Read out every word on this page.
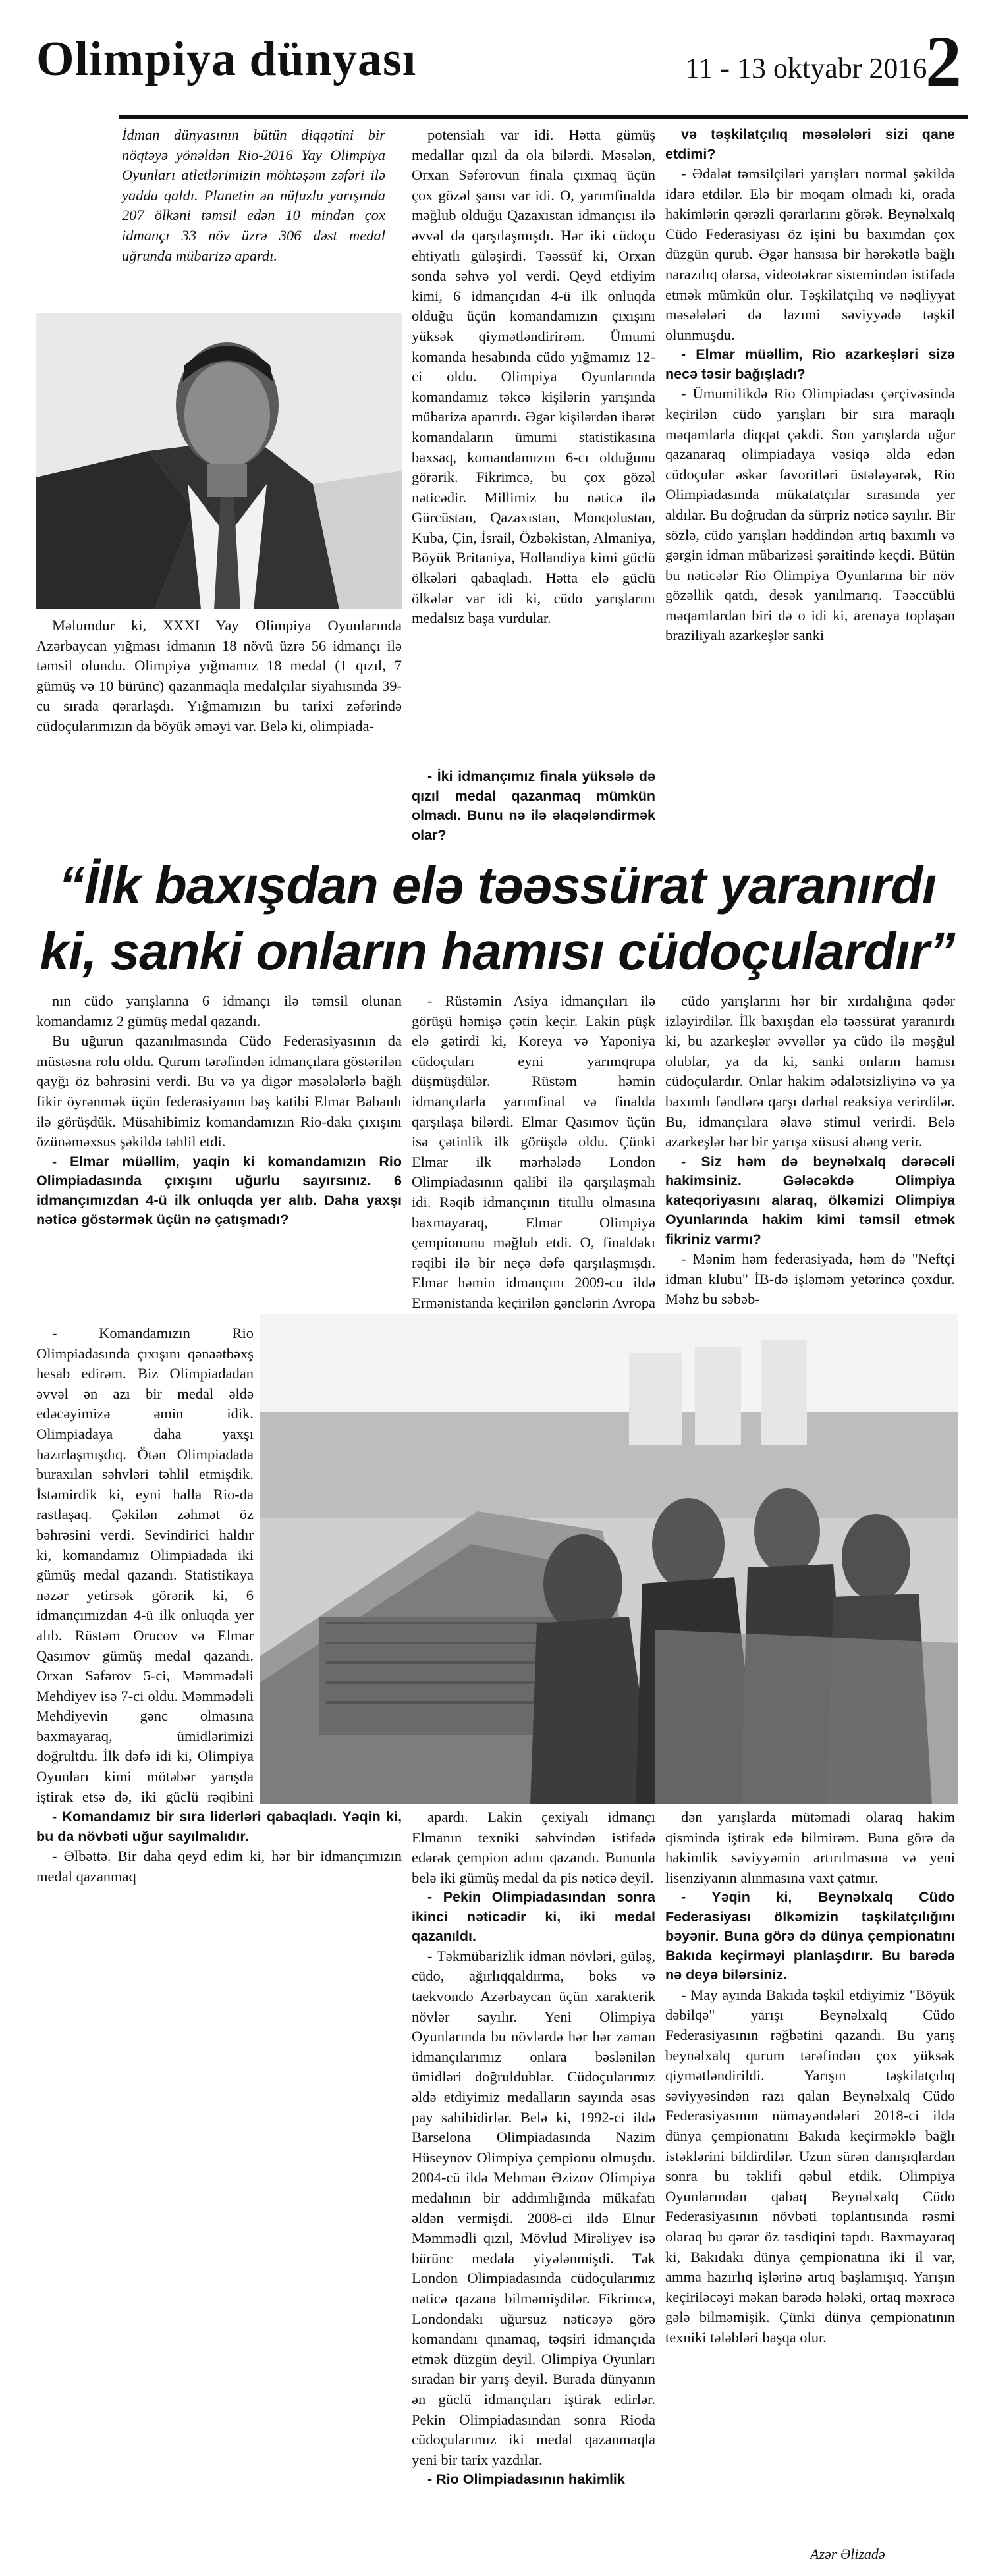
Olimpiya dünyası	11 - 13 oktyabr 2016
2
İdman dünyasının bütün diqqətini bir nöqtəyə yönəldən Rio-2016 Yay Olimpiya Oyunları atletlərimizin möhtəşəm zəfəri ilə yadda qaldı. Planetin ən nüfuzlu yarışında 207 ölkəni təmsil edən 10 mindən çox idmançı 33 növ üzrə 306 dəst medal uğrunda mübarizə apardı.

Məlumdur ki, XXXI Yay Olimpiya Oyunlarında Azərbaycan yığması idmanın 18 növü üzrə 56 idmançı ilə təmsil olundu. Olimpiya yığmamız 18 medal (1 qızıl, 7 gümüş və 10 bürünc) qazanmaqla medalçılar siyahısında 39-cu sırada qərarlaşdı. Yığmamızın bu tarixi zəfərində cüdoçularımızın da böyük əməyi var. Belə ki, olimpiada-

potensialı var idi. Hətta gümüş medallar qızıl da ola bilərdi. Məsələn, Orxan Səfərovun finala çıxmaq üçün çox gözəl şansı var idi. O, yarımfinalda məğlub olduğu Qazaxıstan idmançısı ilə əvvəl də qarşılaşmışdı. Hər iki cüdoçu ehtiyatlı güləşirdi. Təəssüf ki, Orxan sonda səhvə yol verdi. Qeyd etdiyim kimi, 6 idmançıdan 4-ü ilk onluqda olduğu üçün komandamızın çıxışını yüksək qiymətləndirirəm. Ümumi komanda hesabında cüdo yığmamız 12-ci oldu. Olimpiya Oyunlarında komandamız təkcə kişilərin yarışında mübarizə aparırdı. Əgər kişilərdən ibarət komandaların ümumi statistikasına baxsaq, komandamızın 6-cı olduğunu görərik. Fikrimcə, bu çox gözəl nəticədir. Millimiz bu nəticə ilə Gürcüstan, Qazaxıstan, Monqolustan, Kuba, Çin, İsrail, Özbəkistan, Almaniya, Böyük Britaniya, Hollandiya kimi güclü ölkələri qabaqladı. Hətta elə güclü ölkələr var idi ki, cüdo yarışlarını medalsız başa vurdular.

- İki idmançımız finala yüksələ də qızıl medal qazanmaq mümkün olmadı. Bunu nə ilə əlaqələndirmək olar?

və təşkilatçılıq məsələləri sizi qane etdimi?

- Ədalət təmsilçiləri yarışları normal şəkildə idarə etdilər. Elə bir moqam olmadı ki, orada hakimlərin qərəzli qərarlarını görək. Beynəlxalq Cüdo Federasiyası öz işini bu baxımdan çox düzgün qurub. Əgər hansısa bir hərəkətlə bağlı narazılıq olarsa, videotəkrar sistemindən istifadə etmək mümkün olur. Təşkilatçılıq və nəqliyyat məsələləri də lazımi səviyyədə təşkil olunmuşdu.

- Elmar müəllim, Rio azarkeşləri sizə necə təsir bağışladı?

- Ümumilikdə Rio Olimpiadası çərçivəsində keçirilən cüdo yarışları bir sıra maraqlı məqamlarla diqqət çəkdi. Son yarışlarda uğur qazanaraq olimpiadaya vəsiqə əldə edən cüdoçular əskər favoritləri üstələyərək, Rio Olimpiadasında mükafatçılar sırasında yer aldılar. Bu doğrudan da sürpriz nəticə sayılır. Bir sözlə, cüdo yarışları həddindən artıq baxımlı və gərgin idman mübarizəsi şəraitində keçdi. Bütün bu nəticələr Rio Olimpiya Oyunlarına bir növ gözəllik qatdı, desək yanılmarıq. Təəccüblü məqamlardan biri də o idi ki, arenaya toplaşan braziliyalı azarkeşlər sanki

“İlk baxışdan elə təəssürat yaranırdı
ki, sanki onların hamısı cüdoçulardır”

nın cüdo yarışlarına 6 idmançı ilə təmsil olunan komandamız 2 gümüş medal qazandı.

Bu uğurun qazanılmasında Cüdo Federasiyasının da müstəsna rolu oldu. Qurum tərəfindən idmançılara göstərilən qayğı öz bəhrəsini verdi. Bu və ya digər məsələlərlə bağlı fikir öyrənmək üçün federasiyanın baş katibi Elmar Babanlı ilə görüşdük. Müsahibimiz komandamızın Rio-dakı çıxışını özünəməxsus şəkildə təhlil etdi.

- Elmar müəllim, yaqin ki komandamızın Rio Olimpiadasında çıxışını uğurlu sayırsınız. 6 idmançımızdan 4-ü ilk onluqda yer alıb. Daha yaxşı nəticə göstərmək üçün nə çatışmadı?

- Komandamızın Rio Olimpiadasında çıxışını qənaətbəxş hesab edirəm. Biz Olimpiadadan əvvəl ən azı bir medal əldə edəcəyimizə əmin idik. Olimpiadaya daha yaxşı hazırlaşmışdıq. Ötən Olimpiadada buraxılan səhvləri təhlil etmişdik. İstəmirdik ki, eyni halla Rio-da rastlaşaq. Çəkilən zəhmət öz bəhrəsini verdi. Sevindirici haldır ki, komandamız Olimpiadada iki gümüş medal qazandı. Statistikaya nəzər yetirsək görərik ki, 6 idmançımızdan 4-ü ilk onluqda yer alıb. Rüstəm Orucov və Elmar Qasımov gümüş medal qazandı. Orxan Səfərov 5-ci, Məmmədəli Mehdiyev isə 7-ci oldu. Məmmədəli Mehdiyevin gənc olmasına baxmayaraq, ümidlərimizi doğrultdu. İlk dəfə idi ki, Olimpiya Oyunları kimi mötəbər yarışda iştirak etsə də, iki güclü rəqibini

- Komandamız bir sıra liderləri qabaqladı. Yəqin ki, bu da növbəti uğur sayılmalıdır.

- Əlbəttə. Bir daha qeyd edim ki, hər bir idmançımızın medal qazanmaq

- Rüstəmin Asiya idmançıları ilə görüşü həmişə çətin keçir. Lakin püşk elə gətirdi ki, Koreya və Yaponiya cüdoçuları eyni yarımqrupa düşmüşdülər. Rüstəm həmin idmançılarla yarımfinal və finalda qarşılaşa bilərdi. Elmar Qasımov üçün isə çətinlik ilk görüşdə oldu. Çünki Elmar ilk mərhələdə London Olimpiadasının qalibi ilə qarşılaşmalı idi. Rəqib idmançının titullu olmasına baxmayaraq, Elmar Olimpiya çempionunu məğlub etdi. O, finaldakı rəqibi ilə bir neçə dəfə qarşılaşmışdı. Elmar həmin idmançını 2009-cu ildə Ermənistanda keçirilən gənclərin Avropa

cüdo yarışlarını hər bir xırdalığına qədər izləyirdilər. İlk baxışdan elə təəssürat yaranırdı ki, bu azarkeşlər əvvəllər ya cüdo ilə məşğul olublar, ya da ki, sanki onların hamısı cüdoçulardır. Onlar hakim ədalətsizliyinə və ya baxımlı fəndlərə qarşı dərhal reaksiya verirdilər. Bu, idmançılara əlavə stimul verirdi. Belə azarkeşlər hər bir yarışa xüsusi ahəng verir.

- Siz həm də beynəlxalq dərəcəli hakimsiniz. Gələcəkdə Olimpiya kateqoriyasını alaraq, ölkəmizi Olimpiya Oyunlarında hakim kimi təmsil etmək fikriniz varmı?

- Mənim həm federasiyada, həm də "Neftçi idman klubu" İB-də işləməm yetərincə çoxdur. Məhz bu səbəb-

apardı. Lakin çexiyalı idmançı Elmanın texniki səhvindən istifadə edərək çempion adını qazandı. Bununla belə iki gümüş medal da pis nəticə deyil.

- Pekin Olimpiadasından sonra ikinci nəticədir ki, iki medal qazanıldı.

- Təkmübarizlik idman növləri, güləş, cüdo, ağırlıqqaldırma, boks və taekvondo Azərbaycan üçün xarakterik növlər sayılır. Yeni Olimpiya Oyunlarında bu növlərdə hər hər zaman idmançılarımız onlara bəslənilən ümidləri doğruldublar. Cüdoçularımız əldə etdiyimiz medalların sayında əsas pay sahibidirlər. Belə ki, 1992-ci ildə Barselona Olimpiadasında Nazim Hüseynov Olimpiya çempionu olmuşdu. 2004-cü ildə Mehman Əzizov Olimpiya medalının bir addımlığında mükafatı əldən vermişdi. 2008-ci ildə Elnur Məmmədli qızıl, Mövlud Mirəliyev isə bürünc medala yiyələnmişdi. Tək London Olimpiadasında cüdoçularımız nəticə qazana bilməmişdilər. Fikrimcə, Londondakı uğursuz nəticəyə görə komandanı qınamaq, təqsiri idmançıda etmək düzgün deyil. Olimpiya Oyunları sıradan bir yarış deyil. Burada dünyanın ən güclü idmançıları iştirak edirlər. Pekin Olimpiadasından sonra Rioda cüdoçularımız iki medal qazanmaqla yeni bir tarix yazdılar.

- Rio Olimpiadasının hakimlik

dən yarışlarda mütəmadi olaraq hakim qismində iştirak edə bilmirəm. Buna görə də hakimlik səviyyəmin artırılmasına və yeni lisenziyanın alınmasına vaxt çatmır.

- Yəqin ki, Beynəlxalq Cüdo Federasiyası ölkəmizin təşkilatçılığını bəyənir. Buna görə də dünya çempionatını Bakıda keçirməyi planlaşdırır. Bu barədə nə deyə bilərsiniz.

- May ayında Bakıda təşkil etdiyimiz "Böyük dəbilqə" yarışı Beynəlxalq Cüdo Federasiyasının rəğbətini qazandı. Bu yarış beynəlxalq qurum tərəfindən çox yüksək qiymətləndirildi. Yarışın təşkilatçılıq səviyyəsindən razı qalan Beynəlxalq Cüdo Federasiyasının nümayəndələri 2018-ci ildə dünya çempionatını Bakıda keçirməklə bağlı istəklərini bildirdilər. Uzun sürən danışıqlardan sonra bu təklifi qəbul etdik. Olimpiya Oyunlarından qabaq Beynəlxalq Cüdo Federasiyasının növbəti toplantısında rəsmi olaraq bu qərar öz təsdiqini tapdı. Baxmayaraq ki, Bakıdakı dünya çempionatına iki il var, amma hazırlıq işlərinə artıq başlamışıq. Yarışın keçiriləcəyi məkan barədə hələki, ortaq məxrəcə gələ bilməmişik. Çünki dünya çempionatının texniki tələbləri başqa olur.

Azər Əlizadə
